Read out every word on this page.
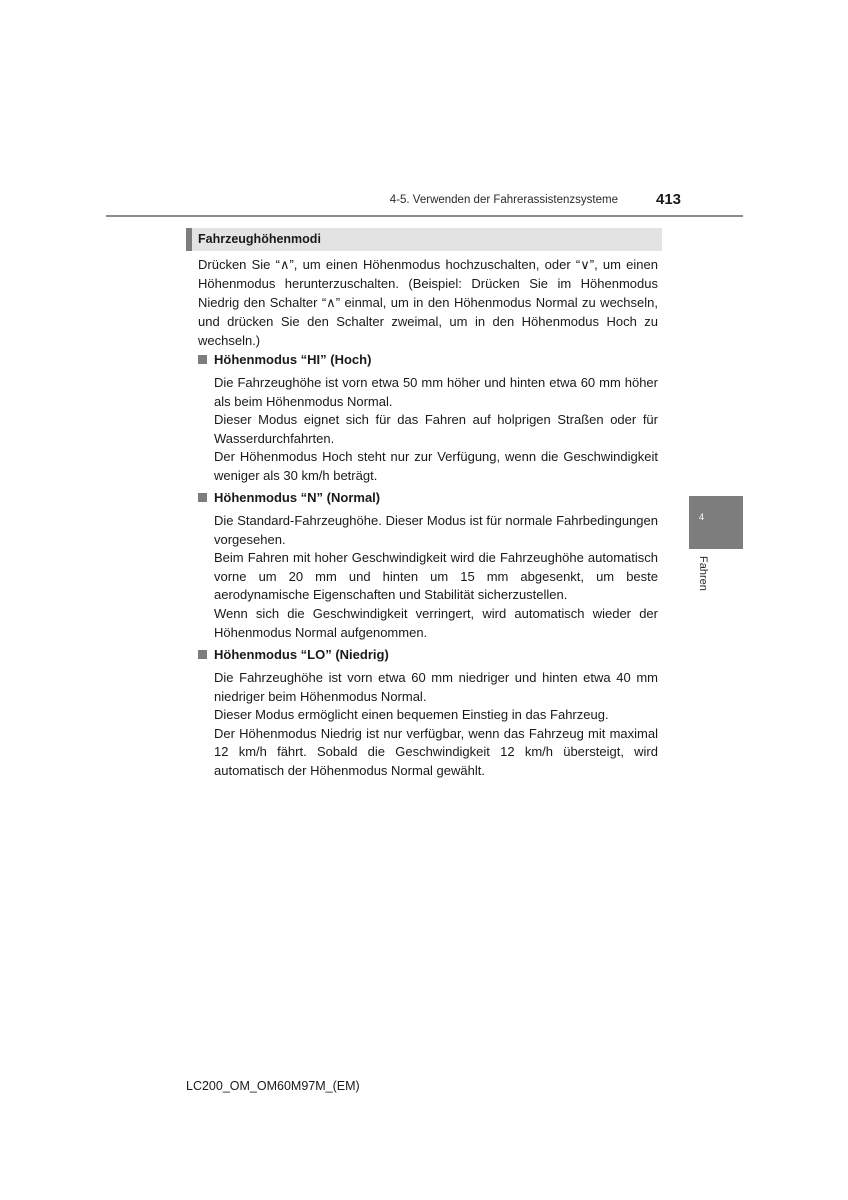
4-5. Verwenden der Fahrerassistenzsysteme	413
Fahrzeughöhenmodi
Drücken Sie “∧”, um einen Höhenmodus hochzuschalten, oder “∨”, um einen Höhenmodus herunterzuschalten. (Beispiel: Drücken Sie im Höhenmodus Niedrig den Schalter “∧” einmal, um in den Höhenmodus Normal zu wechseln, und drücken Sie den Schalter zweimal, um in den Höhenmodus Hoch zu wechseln.)
Höhenmodus “HI” (Hoch)

Die Fahrzeughöhe ist vorn etwa 50 mm höher und hinten etwa 60 mm höher als beim Höhenmodus Normal.

Dieser Modus eignet sich für das Fahren auf holprigen Straßen oder für Wasserdurchfahrten.

Der Höhenmodus Hoch steht nur zur Verfügung, wenn die Geschwindigkeit weniger als 30 km/h beträgt.

Höhenmodus “N” (Normal)

Die Standard-Fahrzeughöhe. Dieser Modus ist für normale Fahrbedingungen vorgesehen.

Beim Fahren mit hoher Geschwindigkeit wird die Fahrzeughöhe automatisch vorne um 20 mm und hinten um 15 mm abgesenkt, um beste aerodynamische Eigenschaften und Stabilität sicherzustellen.

Wenn sich die Geschwindigkeit verringert, wird automatisch wieder der Höhenmodus Normal aufgenommen.

Höhenmodus “LO” (Niedrig)

Die Fahrzeughöhe ist vorn etwa 60 mm niedriger und hinten etwa 40 mm niedriger beim Höhenmodus Normal.

Dieser Modus ermöglicht einen bequemen Einstieg in das Fahrzeug.

Der Höhenmodus Niedrig ist nur verfügbar, wenn das Fahrzeug mit maximal 12 km/h fährt. Sobald die Geschwindigkeit 12 km/h übersteigt, wird automatisch der Höhenmodus Normal gewählt.

4
Fahren
LC200_OM_OM60M97M_(EM)
